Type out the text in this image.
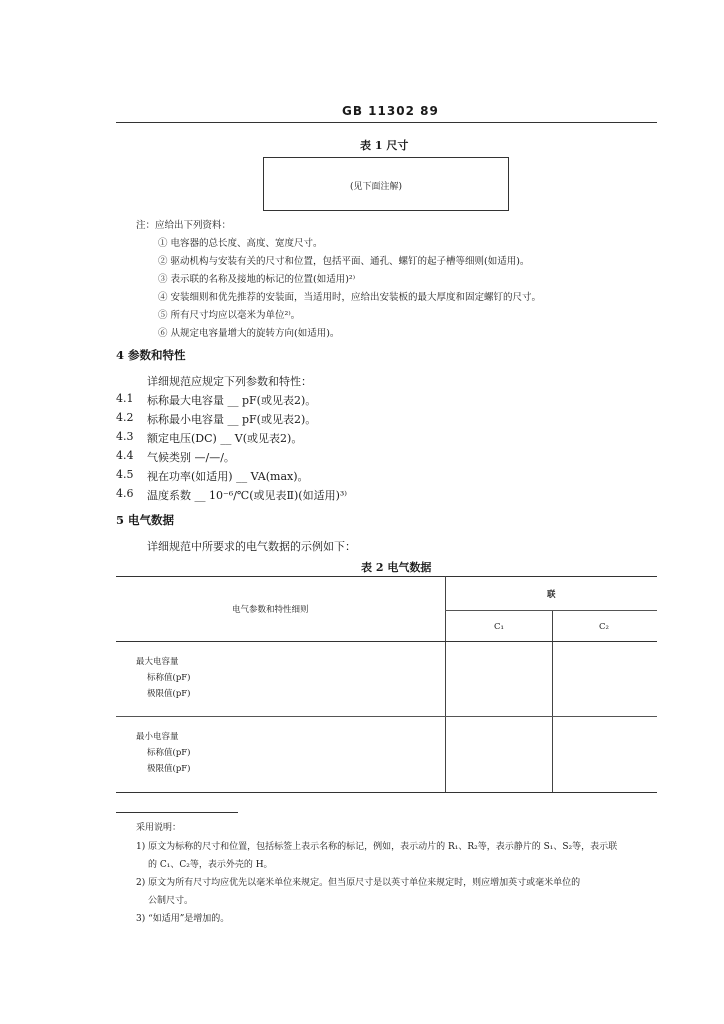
GB 11302 89
表 1 尺寸
(见下面注解)
注：应给出下列资料：
① 电容器的总长度、高度、宽度尺寸。
② 驱动机构与安装有关的尺寸和位置，包括平面、通孔、螺钉的起子槽等细则(如适用)。
③ 表示联的名称及接地的标记的位置(如适用)²⁾
④ 安装细则和优先推荐的安装面，当适用时，应给出安装板的最大厚度和固定螺钉的尺寸。
⑤ 所有尺寸均应以毫米为单位²⁾。
⑥ 从规定电容量增大的旋转方向(如适用)。
4 参数和特性
详细规范应规定下列参数和特性：
4.1 标称最大电容量 __ pF(或见表2)。
4.2 标称最小电容量 __ pF(或见表2)。
4.3 额定电压(DC) __ V(或见表2)。
4.4 气候类别 —/—/。
4.5 视在功率(如适用) __ VA(max)。
4.6 温度系数 __ 10⁻⁶/℃(或见表Ⅱ)(如适用)³⁾
5 电气数据
详细规范中所要求的电气数据的示例如下：
表 2 电气数据
电气参数和特性细则
联
C₁	C₂
最大电容量
标称值(pF)
极限值(pF)
最小电容量
标称值(pF)
极限值(pF)
采用说明：
1) 原文为标称的尺寸和位置，包括标签上表示名称的标记，例如，表示动片的 R₁、R₂等，表示静片的 S₁、S₂等，表示联
的 C₁、C₂等，表示外壳的 H。
2) 原文为所有尺寸均应优先以毫米单位来规定。但当原尺寸是以英寸单位来规定时，则应增加英寸或毫米单位的
公制尺寸。
3) “如适用”是增加的。
